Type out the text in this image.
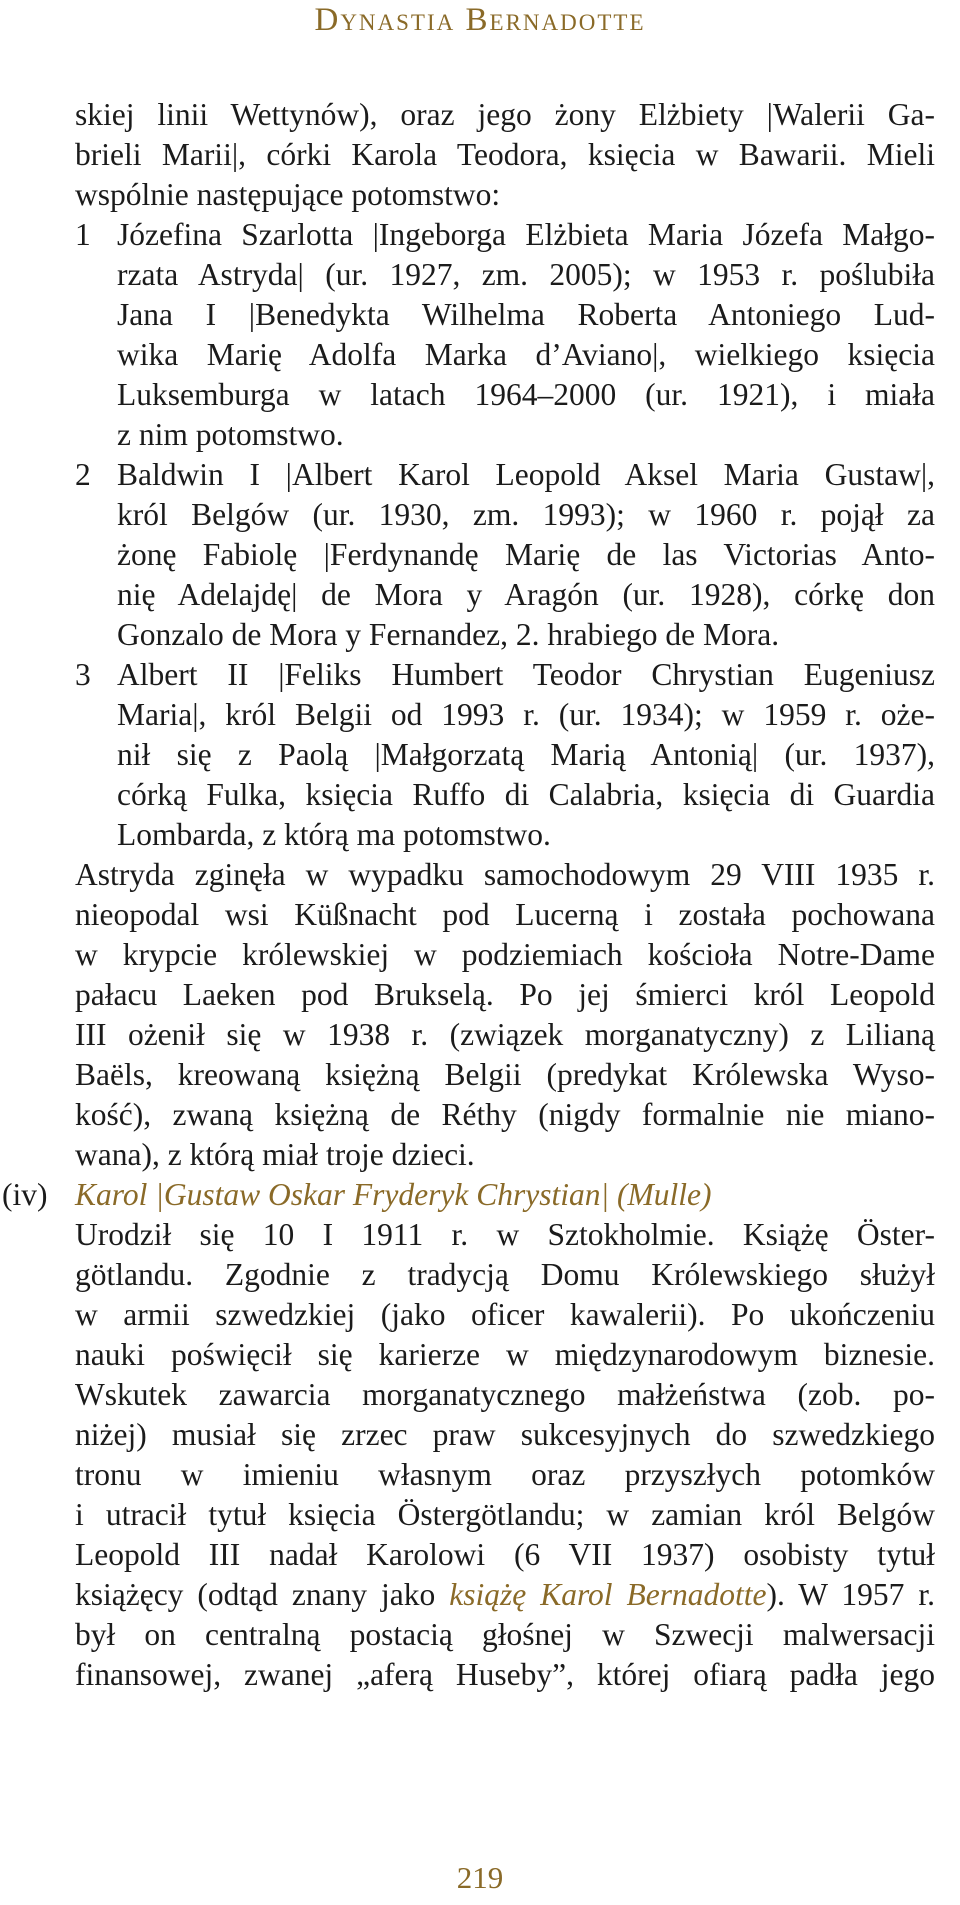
Dynastia Bernadotte
skiej linii Wettynów), oraz jego żony Elżbiety |Walerii Ga-
brieli Marii|, córki Karola Teodora, księcia w Bawarii. Mieli
wspólnie następujące potomstwo:
1 Józefina Szarlotta |Ingeborga Elżbieta Maria Józefa Małgo-
rzata Astryda| (ur. 1927, zm. 2005); w 1953 r. poślubiła
Jana I |Benedykta Wilhelma Roberta Antoniego Lud-
wika Marię Adolfa Marka d’Aviano|, wielkiego księcia
Luksemburga w latach 1964–2000 (ur. 1921), i miała
z nim potomstwo.
2 Baldwin I |Albert Karol Leopold Aksel Maria Gustaw|,
król Belgów (ur. 1930, zm. 1993); w 1960 r. pojął za
żonę Fabiolę |Ferdynandę Marię de las Victorias Anto-
nię Adelajdę| de Mora y Aragón (ur. 1928), córkę don
Gonzalo de Mora y Fernandez, 2. hrabiego de Mora.
3 Albert II |Feliks Humbert Teodor Chrystian Eugeniusz
Maria|, król Belgii od 1993 r. (ur. 1934); w 1959 r. oże-
nił się z Paolą |Małgorzatą Marią Antonią| (ur. 1937),
córką Fulka, księcia Ruffo di Calabria, księcia di Guardia
Lombarda, z którą ma potomstwo.
Astryda zginęła w wypadku samochodowym 29 VIII 1935 r.
nieopodal wsi Küßnacht pod Lucerną i została pochowana
w krypcie królewskiej w podziemiach kościoła Notre-Dame
pałacu Laeken pod Brukselą. Po jej śmierci król Leopold
III ożenił się w 1938 r. (związek morganatyczny) z Lilianą
Baëls, kreowaną księżną Belgii (predykat Królewska Wyso-
kość), zwaną księżną de Réthy (nigdy formalnie nie miano-
wana), z którą miał troje dzieci.
(iv) Karol |Gustaw Oskar Fryderyk Chrystian| (Mulle)
Urodził się 10 I 1911 r. w Sztokholmie. Książę Öster-
götlandu. Zgodnie z tradycją Domu Królewskiego służył
w armii szwedzkiej (jako oficer kawalerii). Po ukończeniu
nauki poświęcił się karierze w międzynarodowym biznesie.
Wskutek zawarcia morganatycznego małżeństwa (zob. po-
niżej) musiał się zrzec praw sukcesyjnych do szwedzkiego
tronu w imieniu własnym oraz przyszłych potomków
i utracił tytuł księcia Östergötlandu; w zamian król Belgów
Leopold III nadał Karolowi (6 VII 1937) osobisty tytuł
książęcy (odtąd znany jako książę Karol Bernadotte). W 1957 r.
był on centralną postacią głośnej w Szwecji malwersacji
finansowej, zwanej „aferą Huseby”, której ofiarą padła jego
219
